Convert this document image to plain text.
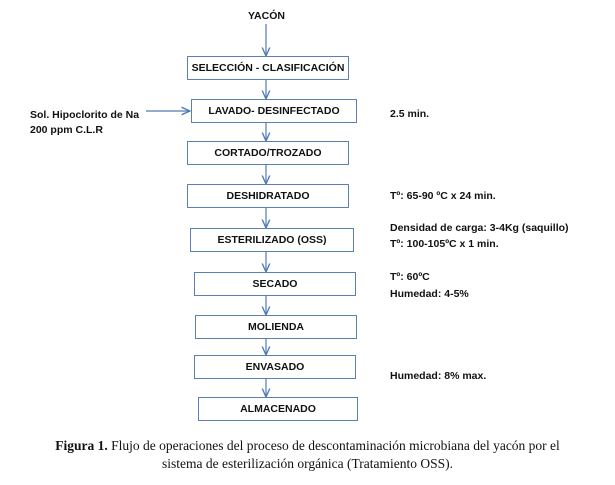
YACÓN
SELECCIÓN - CLASIFICACIÓN
LAVADO- DESINFECTADO
CORTADO/TROZADO
DESHIDRATADO
ESTERILIZADO (OSS)
SECADO
MOLIENDA
ENVASADO
ALMACENADO
Sol. Hipoclorito de Na
200 ppm C.L.R
2.5 min.
Tº: 65-90 ºC x 24 min.
Densidad de carga: 3-4Kg (saquillo)
Tº: 100-105ºC x 1 min.
Tº: 60ºC
Humedad: 4-5%
Humedad: 8% max.
Figura 1. Flujo de operaciones del proceso de descontaminación microbiana del yacón por el
sistema de esterilización orgánica (Tratamiento OSS).
